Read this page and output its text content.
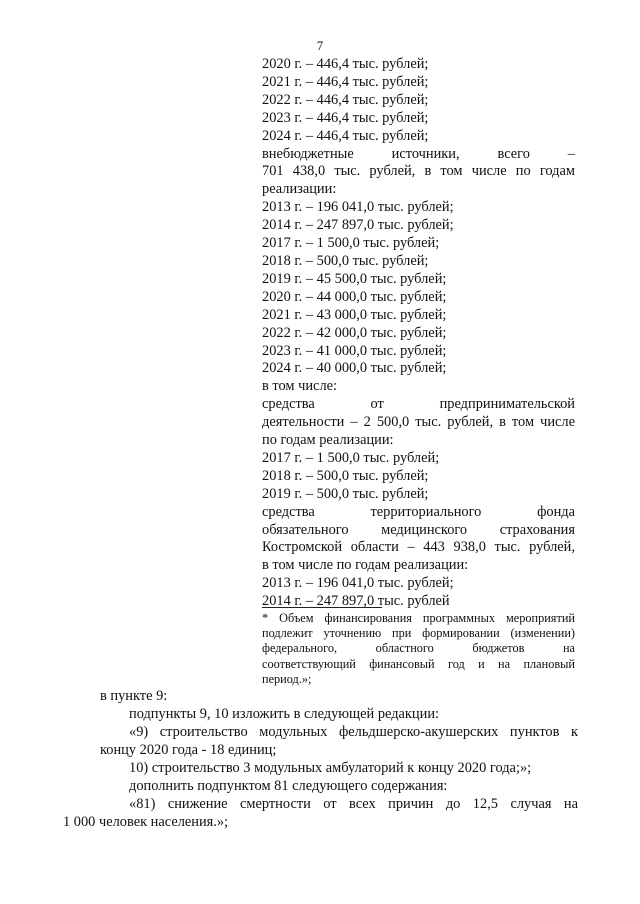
7
2020 г. – 446,4 тыс. рублей;
2021 г. – 446,4 тыс. рублей;
2022 г. – 446,4 тыс. рублей;
2023 г. – 446,4 тыс. рублей;
2024 г. – 446,4 тыс. рублей;
внебюджетные источники, всего –
701 438,0 тыс. рублей, в том числе по годам
реализации:
2013 г. – 196 041,0 тыс. рублей;
2014 г. – 247 897,0 тыс. рублей;
2017 г. – 1 500,0 тыс. рублей;
2018 г. – 500,0 тыс. рублей;
2019 г. – 45 500,0 тыс. рублей;
2020 г. – 44 000,0 тыс. рублей;
2021 г. – 43 000,0 тыс. рублей;
2022 г. – 42 000,0 тыс. рублей;
2023 г. – 41 000,0 тыс. рублей;
2024 г. – 40 000,0 тыс. рублей;
в том числе:
средства от предпринимательской
деятельности – 2 500,0 тыс. рублей, в том числе
по годам реализации:
2017 г. – 1 500,0 тыс. рублей;
2018 г. – 500,0 тыс. рублей;
2019 г. – 500,0 тыс. рублей;
средства территориального фонда
обязательного медицинского страхования
Костромской области – 443 938,0 тыс. рублей,
в том числе по годам реализации:
2013 г. – 196 041,0 тыс. рублей;
2014 г. – 247 897,0 тыс. рублей
* Объем финансирования программных мероприятий
подлежит уточнению при формировании (изменении)
федерального, областного бюджетов на
соответствующий финансовый год и на плановый
период.»;
в пункте 9:
подпункты 9, 10 изложить в следующей редакции:
«9) строительство модульных фельдшерско-акушерских пунктов к
концу 2020 года - 18 единиц;
10) строительство 3 модульных амбулаторий к концу 2020 года;»;
дополнить подпунктом 81 следующего содержания:
«81) снижение смертности от всех причин до 12,5 случая на
1 000 человек населения.»;
